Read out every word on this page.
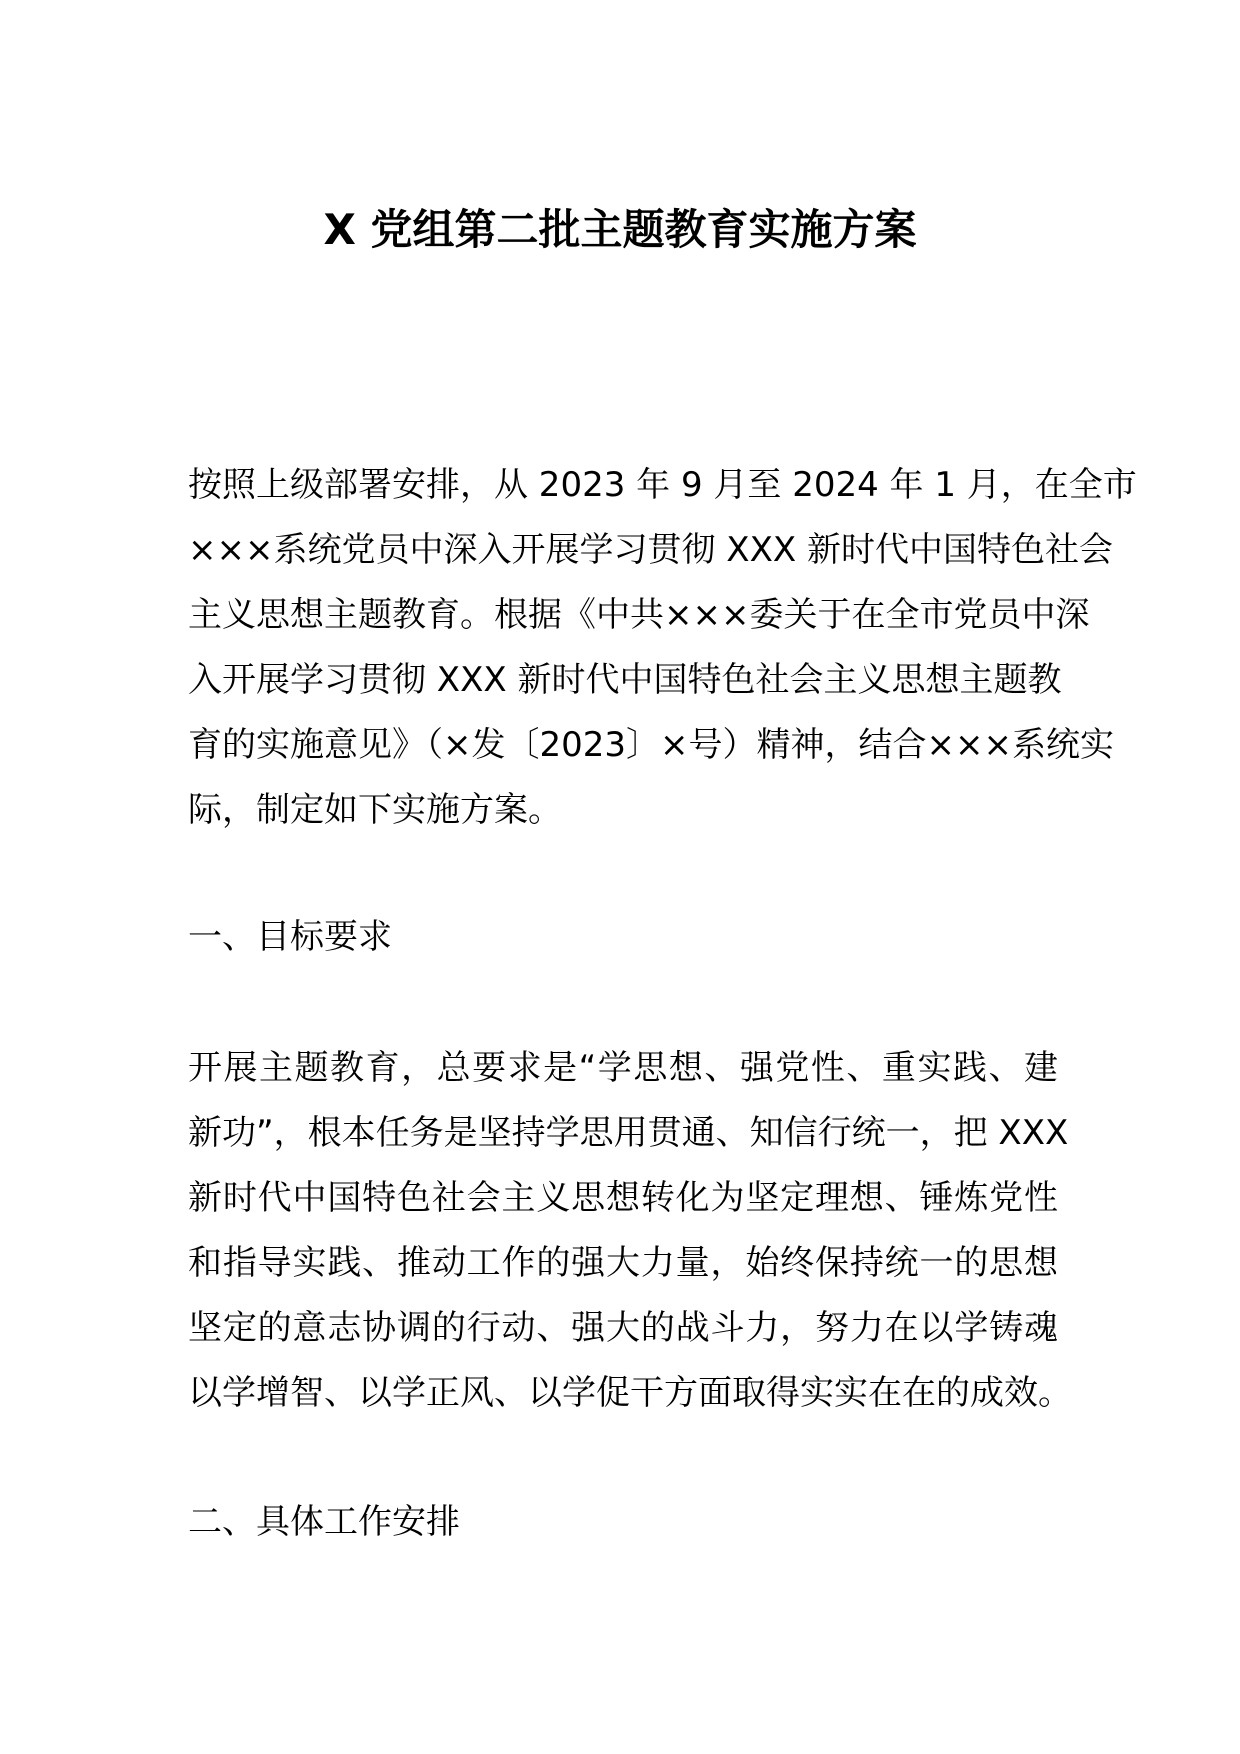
X 党组第二批主题教育实施方案
按照上级部署安排，从 2023 年 9 月至 2024 年 1 月，在全市
×××系统党员中深入开展学习贯彻 XXX 新时代中国特色社会
主义思想主题教育。根据《中共×××委关于在全市党员中深
入开展学习贯彻 XXX 新时代中国特色社会主义思想主题教
育的实施意见》（×发〔2023〕×号）精神，结合×××系统实
际，制定如下实施方案。
一、目标要求
开展主题教育，总要求是“学思想、强党性、重实践、建
新功”，根本任务是坚持学思用贯通、知信行统一，把 XXX
新时代中国特色社会主义思想转化为坚定理想、锤炼党性
和指导实践、推动工作的强大力量，始终保持统一的思想
坚定的意志协调的行动、强大的战斗力，努力在以学铸魂
以学增智、以学正风、以学促干方面取得实实在在的成效。
二、具体工作安排
